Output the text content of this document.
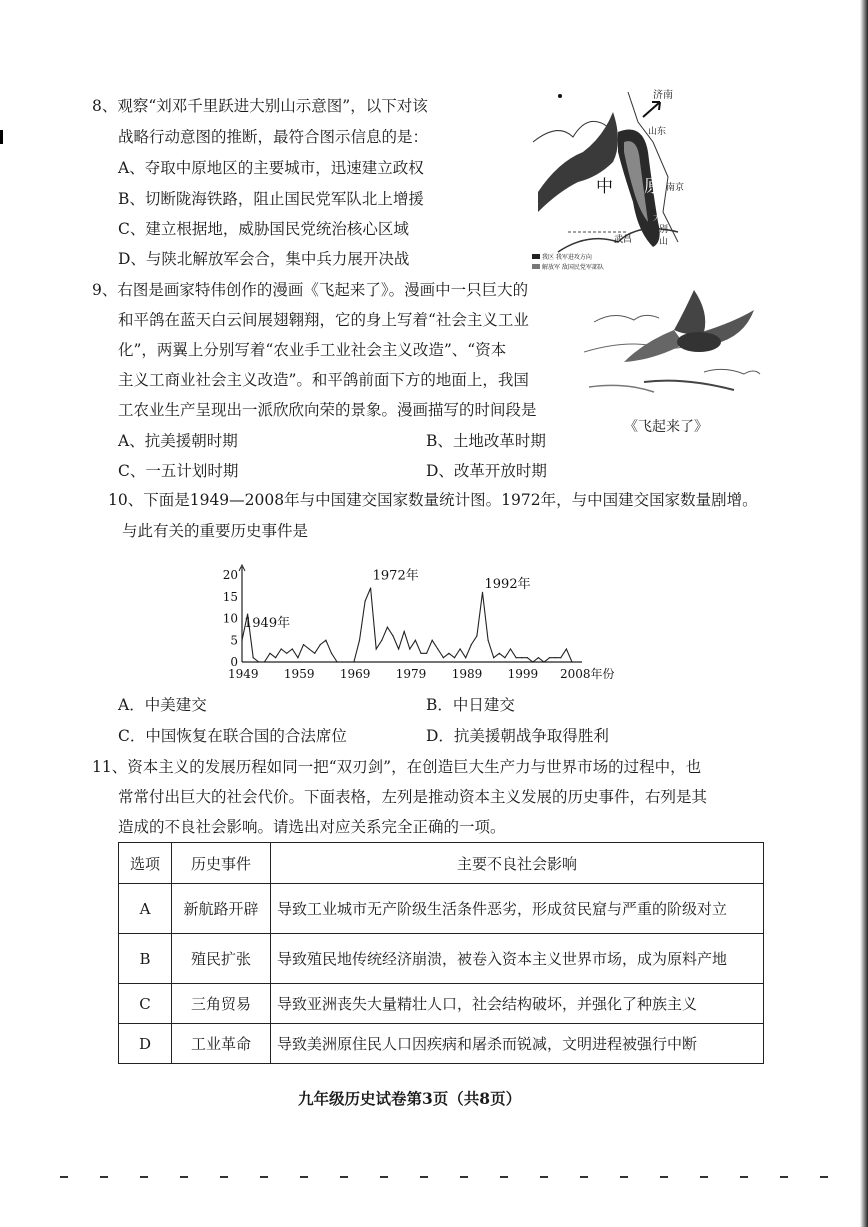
8、观察“刘邓千里跃进大别山示意图”，以下对该
战略行动意图的推断，最符合图示信息的是：
A、夺取中原地区的主要城市，迅速建立政权
B、切断陇海铁路，阻止国民党军队北上增援
C、建立根据地，威胁国民党统治核心区域
D、与陕北解放军会合，集中兵力展开决战
济南
山东
中 原 南京
大
别
山
武昌
我区 我军进攻方向
解放军 敌国民党军部队
9、右图是画家特伟创作的漫画《飞起来了》。漫画中一只巨大的
和平鸽在蓝天白云间展翅翱翔，它的身上写着“社会主义工业
化”，两翼上分别写着“农业手工业社会主义改造”、“资本
主义工商业社会主义改造”。和平鸽前面下方的地面上，我国
工农业生产呈现出一派欣欣向荣的景象。漫画描写的时间段是
A、抗美援朝时期	B、土地改革时期
C、一五计划时期	D、改革开放时期
《飞起来了》
10、下面是1949—2008年与中国建交国家数量统计图。1972年，与中国建交国家数量剧增。
与此有关的重要历史事件是
0
5
10
15
20
1949 1959 1969 1979 1989 1999 2008年份
1949年
1972年
1992年
A．中美建交	B．中日建交
C．中国恢复在联合国的合法席位	D．抗美援朝战争取得胜利
11、资本主义的发展历程如同一把“双刃剑”，在创造巨大生产力与世界市场的过程中，也
常常付出巨大的社会代价。下面表格，左列是推动资本主义发展的历史事件，右列是其
造成的不良社会影响。请选出对应关系完全正确的一项。
选项	历史事件	主要不良社会影响
A	新航路开辟	导致工业城市无产阶级生活条件恶劣，形成贫民窟与严重的阶级对立
B	殖民扩张	导致殖民地传统经济崩溃，被卷入资本主义世界市场，成为原料产地
C	三角贸易	导致亚洲丧失大量精壮人口，社会结构破坏，并强化了种族主义
D	工业革命	导致美洲原住民人口因疾病和屠杀而锐减，文明进程被强行中断
九年级历史试卷第3页（共8页）
